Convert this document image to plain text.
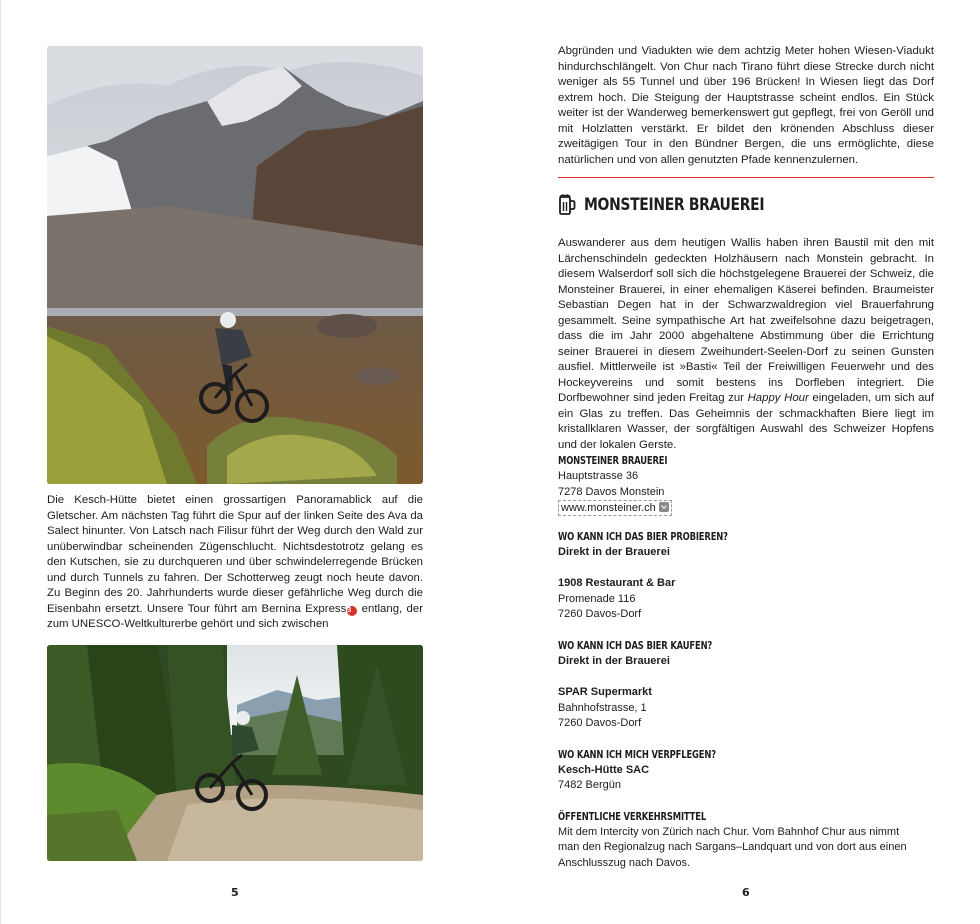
Die Kesch-Hütte bietet einen grossartigen Panoramablick auf die Gletscher. Am nächsten Tag führt die Spur auf der linken Seite des Ava da Salect hinunter. Von Latsch nach Filisur führt der Weg durch den Wald zur unüberwindbar scheinenden Zügenschlucht. Nichtsdestotrotz gelang es den Kutschen, sie zu durchqueren und über schwindelerregende Brücken und durch Tunnels zu fahren. Der Schotterweg zeugt noch heute davon. Zu Beginn des 20. Jahrhunderts wurde dieser gefährliche Weg durch die Eisenbahn ersetzt. Unsere Tour führt am Bernina Express3 entlang, der zum UNESCO-Weltkulturerbe gehört und sich zwischen

5

Abgründen und Viadukten wie dem achtzig Meter hohen Wiesen-Viadukt hindurchschlängelt. Von Chur nach Tirano führt diese Strecke durch nicht weniger als 55 Tunnel und über 196 Brücken! In Wiesen liegt das Dorf extrem hoch. Die Steigung der Hauptstrasse scheint endlos. Ein Stück weiter ist der Wanderweg bemerkenswert gut gepflegt, frei von Geröll und mit Holzlatten verstärkt. Er bildet den krönenden Abschluss dieser zweitägigen Tour in den Bündner Bergen, die uns ermöglichte, diese natürlichen und von allen genutzten Pfade kennenzulernen.

MONSTEINER BRAUEREI

Auswanderer aus dem heutigen Wallis haben ihren Baustil mit den mit Lärchenschindeln gedeckten Holzhäusern nach Monstein gebracht. In diesem Walserdorf soll sich die höchstgelegene Brauerei der Schweiz, die Monsteiner Brauerei, in einer ehemaligen Käserei befinden. Braumeister Sebastian Degen hat in der Schwarzwaldregion viel Brauerfahrung gesammelt. Seine sympathische Art hat zweifelsohne dazu beigetragen, dass die im Jahr 2000 abgehaltene Abstimmung über die Errichtung seiner Brauerei in diesem Zweihundert-Seelen-Dorf zu seinen Gunsten ausfiel. Mittlerweile ist »Basti« Teil der Freiwilligen Feuerwehr und des Hockeyvereins und somit bestens ins Dorfleben integriert. Die Dorfbewohner sind jeden Freitag zur Happy Hour eingeladen, um sich auf ein Glas zu treffen. Das Geheimnis der schmackhaften Biere liegt im kristallklaren Wasser, der sorgfältigen Auswahl des Schweizer Hopfens und der lokalen Gerste.

MONSTEINER BRAUEREI
Hauptstrasse 36
7278 Davos Monstein
www.monsteiner.ch
WO KANN ICH DAS BIER PROBIEREN?
Direkt in der Brauerei
1908 Restaurant & Bar
Promenade 116
7260 Davos-Dorf
WO KANN ICH DAS BIER KAUFEN?
Direkt in der Brauerei
SPAR Supermarkt
Bahnhofstrasse, 1
7260 Davos-Dorf
WO KANN ICH MICH VERPFLEGEN?
Kesch-Hütte SAC
7482 Bergün
ÖFFENTLICHE VERKEHRSMITTEL
Mit dem Intercity von Zürich nach Chur. Vom Bahnhof Chur aus nimmt man den Regionalzug nach Sargans–Landquart und von dort aus einen Anschlusszug nach Davos.
6
